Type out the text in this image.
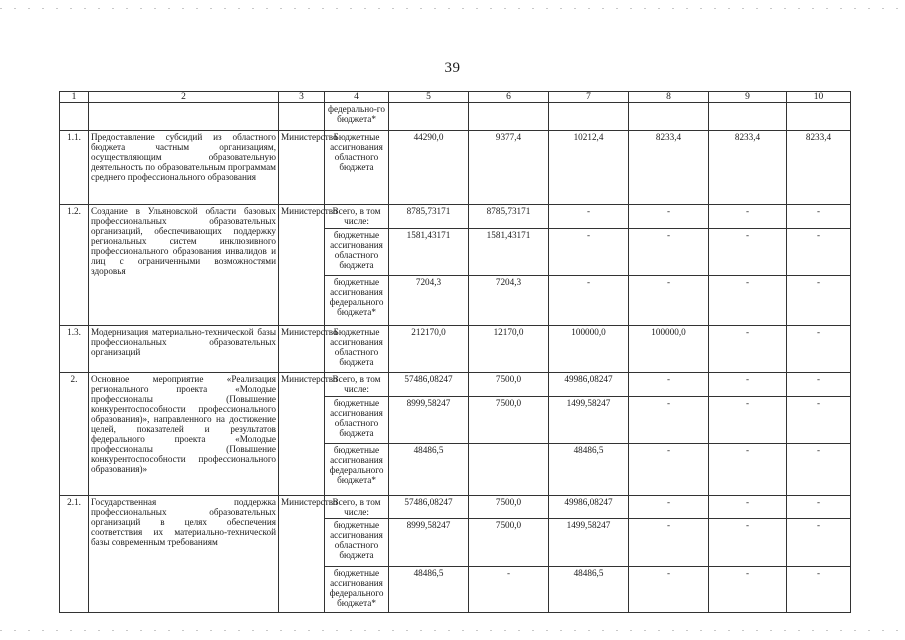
39
1	2	3	4	5	6	7	8	9	10
			федерально-го бюджета*						
1.1.	Предоставление субсидий из областного бюджета частным организациям, осуществляющим образовательную деятельность по образовательным программам среднего профессионального образования	Министерство	Бюджетные ассигнования областного бюджета	44290,0	9377,4	10212,4	8233,4	8233,4	8233,4
1.2.	Создание в Ульяновской области базовых профессиональных образовательных организаций, обеспечивающих поддержку региональных систем инклюзивного профессионального образования инвалидов и лиц с ограниченными возможностями здоровья	Министерство	Всего, в том числе:	8785,73171	8785,73171	-	-	-	-
			бюджетные ассигнования областного бюджета	1581,43171	1581,43171	-	-	-	-
			бюджетные ассигнования федерального бюджета*	7204,3	7204,3	-	-	-	-
1.3.	Модернизация материально-технической базы профессиональных образовательных организаций	Министерство	Бюджетные ассигнования областного бюджета	212170,0	12170,0	100000,0	100000,0	-	-
2.	Основное мероприятие «Реализация регионального проекта «Молодые профессионалы (Повышение конкурентоспособности профессионального образования)», направленного на достижение целей, показателей и результатов федерального проекта «Молодые профессионалы (Повышение конкурентоспособности профессионального образования)»	Министерство	Всего, в том числе:	57486,08247	7500,0	49986,08247	-	-	-
			бюджетные ассигнования областного бюджета	8999,58247	7500,0	1499,58247	-	-	-
			бюджетные ассигнования федерального бюджета*	48486,5		48486,5	-	-	-
2.1.	Государственная поддержка профессиональных образовательных организаций в целях обеспечения соответствия их материально-технической базы современным требованиям	Министерство	Всего, в том числе:	57486,08247	7500,0	49986,08247	-	-	-
			бюджетные ассигнования областного бюджета	8999,58247	7500,0	1499,58247	-	-	-
			бюджетные ассигнования федерального бюджета*	48486,5	-	48486,5	-	-	-
